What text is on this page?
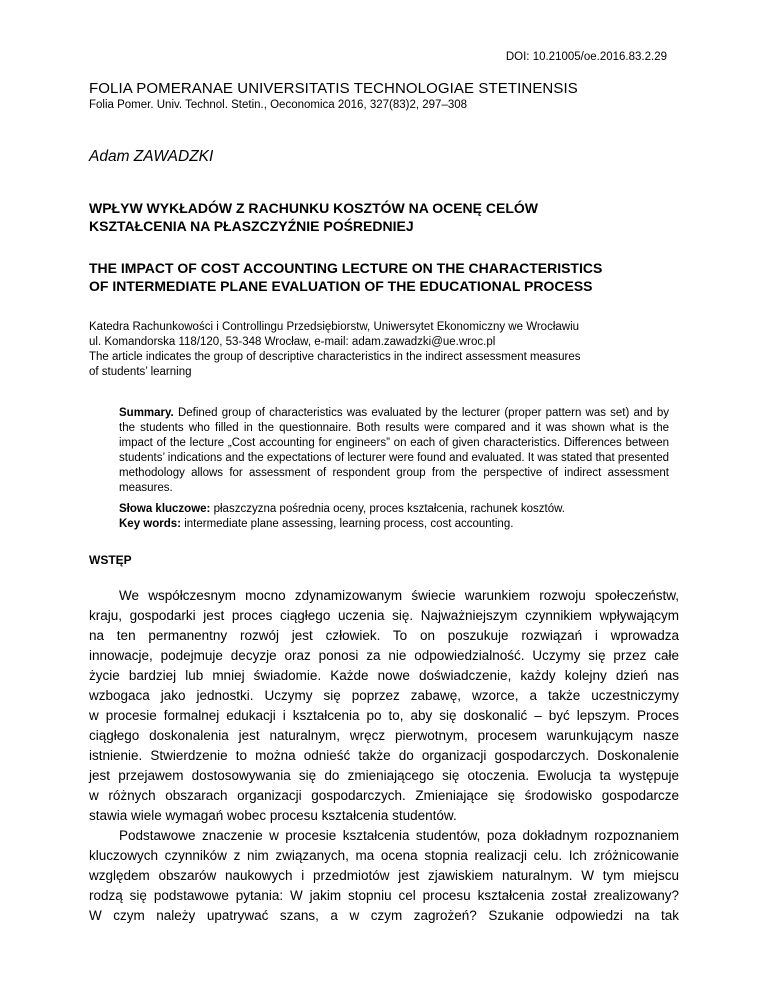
DOI: 10.21005/oe.2016.83.2.29
FOLIA POMERANAE UNIVERSITATIS TECHNOLOGIAE STETINENSIS
Folia Pomer. Univ. Technol. Stetin., Oeconomica 2016, 327(83)2, 297–308
Adam ZAWADZKI
WPŁYW WYKŁADÓW Z RACHUNKU KOSZTÓW NA OCENĘ CELÓW
KSZTAŁCENIA NA PŁASZCZYŹNIE POŚREDNIEJ
THE IMPACT OF COST ACCOUNTING LECTURE ON THE CHARACTERISTICS
OF INTERMEDIATE PLANE EVALUATION OF THE EDUCATIONAL PROCESS
Katedra Rachunkowości i Controllingu Przedsiębiorstw, Uniwersytet Ekonomiczny we Wrocławiu
ul. Komandorska 118/120, 53-348 Wrocław, e-mail: adam.zawadzki@ue.wroc.pl
The article indicates the group of descriptive characteristics in the indirect assessment measures
of students’ learning
Summary. Defined group of characteristics was evaluated by the lecturer (proper pattern was set) and by the students who filled in the questionnaire. Both results were compared and it was shown what is the impact of the lecture „Cost accounting for engineers” on each of given characteristics. Differences between students’ indications and the expectations of lecturer were found and evaluated. It was stated that presented methodology allows for assessment of respondent group from the perspective of indirect assessment measures.
Słowa kluczowe: płaszczyzna pośrednia oceny, proces kształcenia, rachunek kosztów.
Key words: intermediate plane assessing, learning process, cost accounting.
WSTĘP
We współczesnym mocno zdynamizowanym świecie warunkiem rozwoju społeczeństw,
kraju, gospodarki jest proces ciągłego uczenia się. Najważniejszym czynnikiem wpływającym
na ten permanentny rozwój jest człowiek. To on poszukuje rozwiązań i wprowadza
innowacje, podejmuje decyzje oraz ponosi za nie odpowiedzialność. Uczymy się przez całe
życie bardziej lub mniej świadomie. Każde nowe doświadczenie, każdy kolejny dzień nas
wzbogaca jako jednostki. Uczymy się poprzez zabawę, wzorce, a także uczestniczymy
w procesie formalnej edukacji i kształcenia po to, aby się doskonalić – być lepszym. Proces
ciągłego doskonalenia jest naturalnym, wręcz pierwotnym, procesem warunkującym nasze
istnienie. Stwierdzenie to można odnieść także do organizacji gospodarczych. Doskonalenie
jest przejawem dostosowywania się do zmieniającego się otoczenia. Ewolucja ta występuje
w różnych obszarach organizacji gospodarczych. Zmieniające się środowisko gospodarcze
stawia wiele wymagań wobec procesu kształcenia studentów.
Podstawowe znaczenie w procesie kształcenia studentów, poza dokładnym rozpoznaniem
kluczowych czynników z nim związanych, ma ocena stopnia realizacji celu. Ich zróżnicowanie
względem obszarów naukowych i przedmiotów jest zjawiskiem naturalnym. W tym miejscu
rodzą się podstawowe pytania: W jakim stopniu cel procesu kształcenia został zrealizowany?
W czym należy upatrywać szans, a w czym zagrożeń? Szukanie odpowiedzi na tak
